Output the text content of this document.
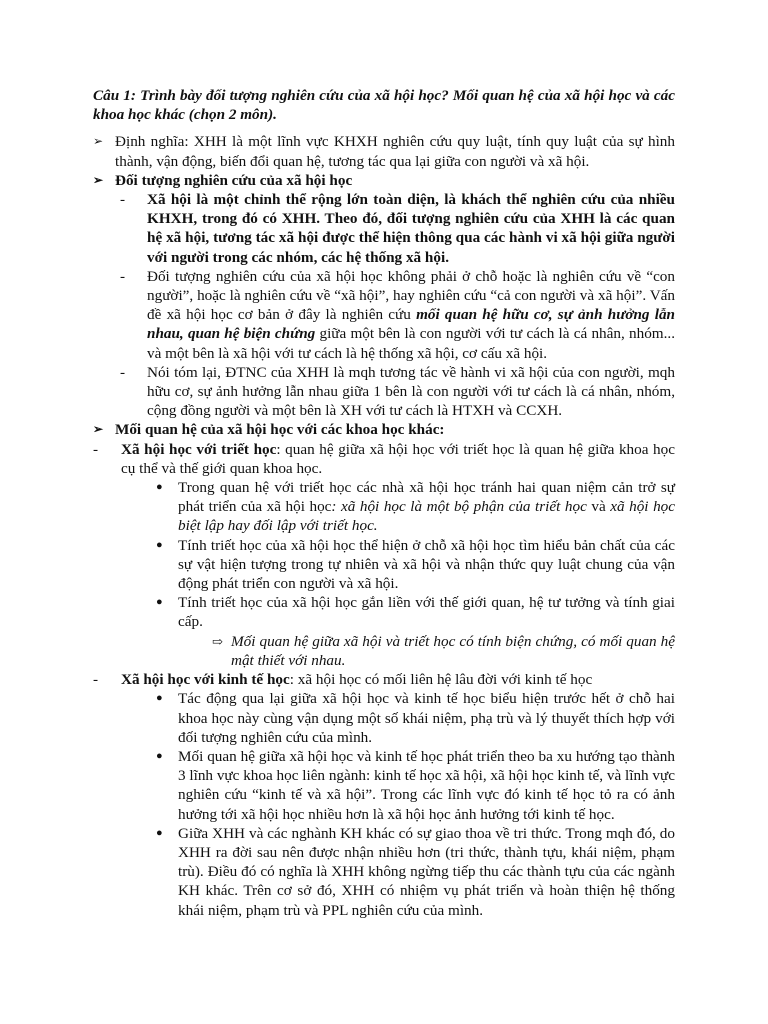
Câu 1: Trình bày đối tượng nghiên cứu của xã hội học? Mối quan hệ của xã hội học và các khoa học khác (chọn 2 môn).

➢ Định nghĩa: XHH là một lĩnh vực KHXH nghiên cứu quy luật, tính quy luật của sự hình thành, vận động, biến đổi quan hệ, tương tác qua lại giữa con người và xã hội.
➢ Đối tượng nghiên cứu của xã hội học
-	Xã hội là một chỉnh thể rộng lớn toàn diện, là khách thể nghiên cứu của nhiều KHXH, trong đó có XHH. Theo đó, đối tượng nghiên cứu của XHH là các quan hệ xã hội, tương tác xã hội được thể hiện thông qua các hành vi xã hội giữa người với người trong các nhóm, các hệ thống xã hội.
-	Đối tượng nghiên cứu của xã hội học không phải ở chỗ hoặc là nghiên cứu về “con người”, hoặc là nghiên cứu về “xã hội”, hay nghiên cứu “cả con người và xã hội”. Vấn đề xã hội học cơ bản ở đây là nghiên cứu mối quan hệ hữu cơ, sự ảnh hưởng lẫn nhau, quan hệ biện chứng giữa một bên là con người với tư cách là cá nhân, nhóm... và một bên là xã hội với tư cách là hệ thống xã hội, cơ cấu xã hội.
-	Nói tóm lại, ĐTNC của XHH là mqh tương tác về hành vi xã hội của con người, mqh hữu cơ, sự ảnh hưởng lẫn nhau giữa 1 bên là con người với tư cách là cá nhân, nhóm, cộng đồng người và một bên là XH với tư cách là HTXH và CCXH.
➢ Mối quan hệ của xã hội học với các khoa học khác:
-	Xã hội học với triết học: quan hệ giữa xã hội học với triết học là quan hệ giữa khoa học cụ thể và thế giới quan khoa học.
●	Trong quan hệ với triết học các nhà xã hội học tránh hai quan niệm cản trở sự phát triển của xã hội học: xã hội học là một bộ phận của triết học và xã hội học biệt lập hay đối lập với triết học.
●	Tính triết học của xã hội học thể hiện ở chỗ xã hội học tìm hiểu bản chất của các sự vật hiện tượng trong tự nhiên và xã hội và nhận thức quy luật chung của vận động phát triển con người và xã hội.
●	Tính triết học của xã hội học gắn liền với thế giới quan, hệ tư tưởng và tính giai cấp.
⇨ Mối quan hệ giữa xã hội và triết học có tính biện chứng, có mối quan hệ mật thiết với nhau.
-	Xã hội học với kinh tế học: xã hội học có mối liên hệ lâu đời với kinh tế học
●	Tác động qua lại giữa xã hội học và kinh tế học biểu hiện trước hết ở chỗ hai khoa học này cùng vận dụng một số khái niệm, phạ trù và lý thuyết thích hợp với đối tượng nghiên cứu của mình.
●	Mối quan hệ giữa xã hội học và kinh tế học phát triển theo ba xu hướng tạo thành 3 lĩnh vực khoa học liên ngành: kinh tế học xã hội, xã hội học kinh tế, và lĩnh vực nghiên cứu “kinh tế và xã hội”. Trong các lĩnh vực đó kinh tế học tỏ ra có ảnh hưởng tới xã hội học nhiều hơn là xã hội học ảnh hưởng tới kinh tế học.
●	Giữa XHH và các nghành KH khác có sự giao thoa về tri thức. Trong mqh đó, do XHH ra đời sau nên được nhận nhiều hơn (tri thức, thành tựu, khái niệm, phạm trù). Điều đó có nghĩa là XHH không ngừng tiếp thu các thành tựu của các ngành KH khác. Trên cơ sở đó, XHH có nhiệm vụ phát triển và hoàn thiện hệ thống khái niệm, phạm trù và PPL nghiên cứu của mình.
